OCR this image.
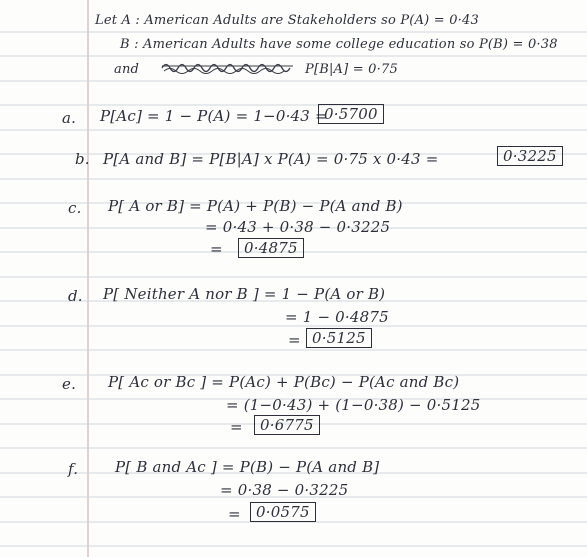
Let A : American Adults are Stakeholders so P(A) = 0·43
B : American Adults have some college education so P(B) = 0·38
and	P[B|A] = 0·75
a. P[Ac] = 1 − P(A) = 1−0·43 =
0·5700
b. P[A and B] = P[B|A] x P(A) = 0·75 x 0·43 =	0·3225
c. P[ A or B] = P(A) + P(B) − P(A and B)
= 0·43 + 0·38 − 0·3225
=	0·4875
d. P[ Neither A nor B ] = 1 − P(A or B)
= 1 − 0·4875
= 0·5125
e. P[ Ac or Bc ] = P(Ac) + P(Bc) − P(Ac and Bc)
= (1−0·43) + (1−0·38) − 0·5125
=	0·6775
f. P[ B and Ac ] = P(B) − P(A and B]
= 0·38 − 0·3225
=	0·0575
